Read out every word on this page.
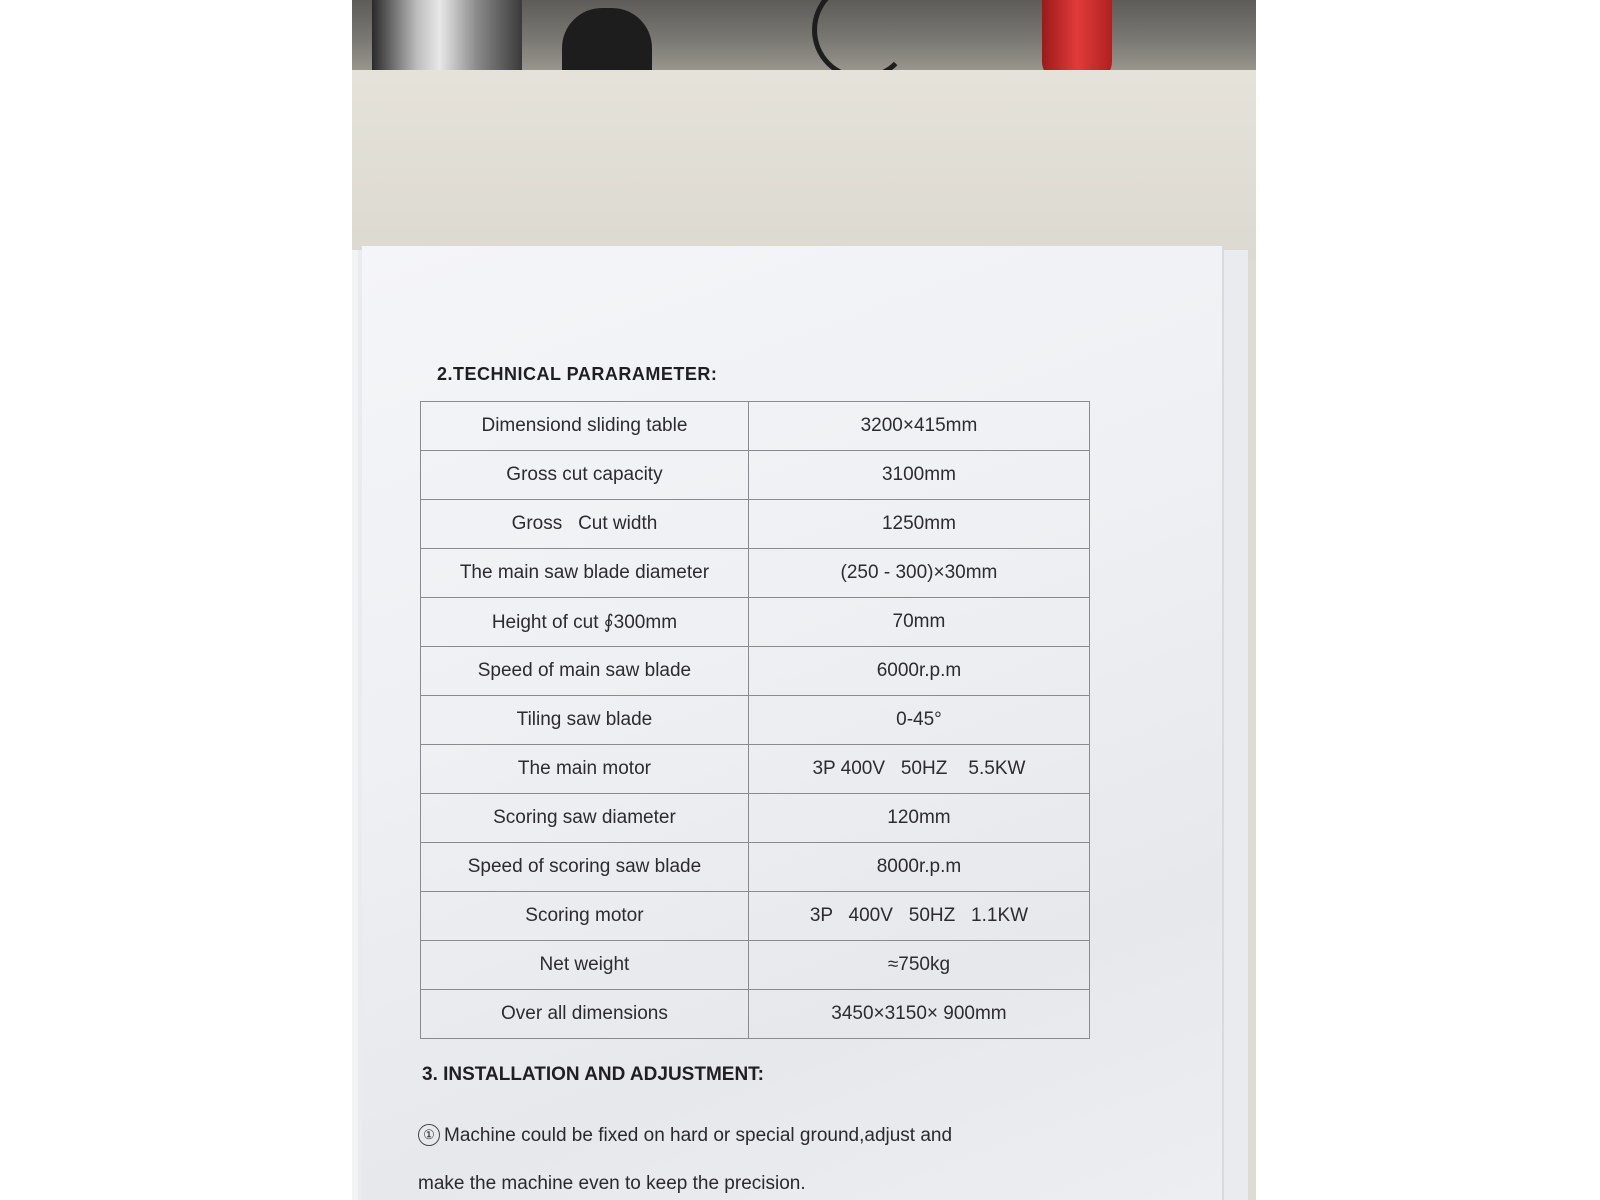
2.TECHNICAL PARARAMETER:
Dimensiond sliding table	3200×415mm
Gross cut capacity	3100mm
Gross   Cut width	1250mm
The main saw blade diameter	(250 - 300)×30mm
Height of cut ∮300mm	70mm
Speed of main saw blade	6000r.p.m
Tiling saw blade	0-45°
The main motor	3P 400V   50HZ    5.5KW
Scoring saw diameter	120mm
Speed of scoring saw blade	8000r.p.m
Scoring motor	3P   400V   50HZ   1.1KW
Net weight	≈750kg
Over all dimensions	3450×3150× 900mm
3. INSTALLATION AND ADJUSTMENT:
① Machine could be fixed on hard or special ground,adjust and
make the machine even to keep the precision.
